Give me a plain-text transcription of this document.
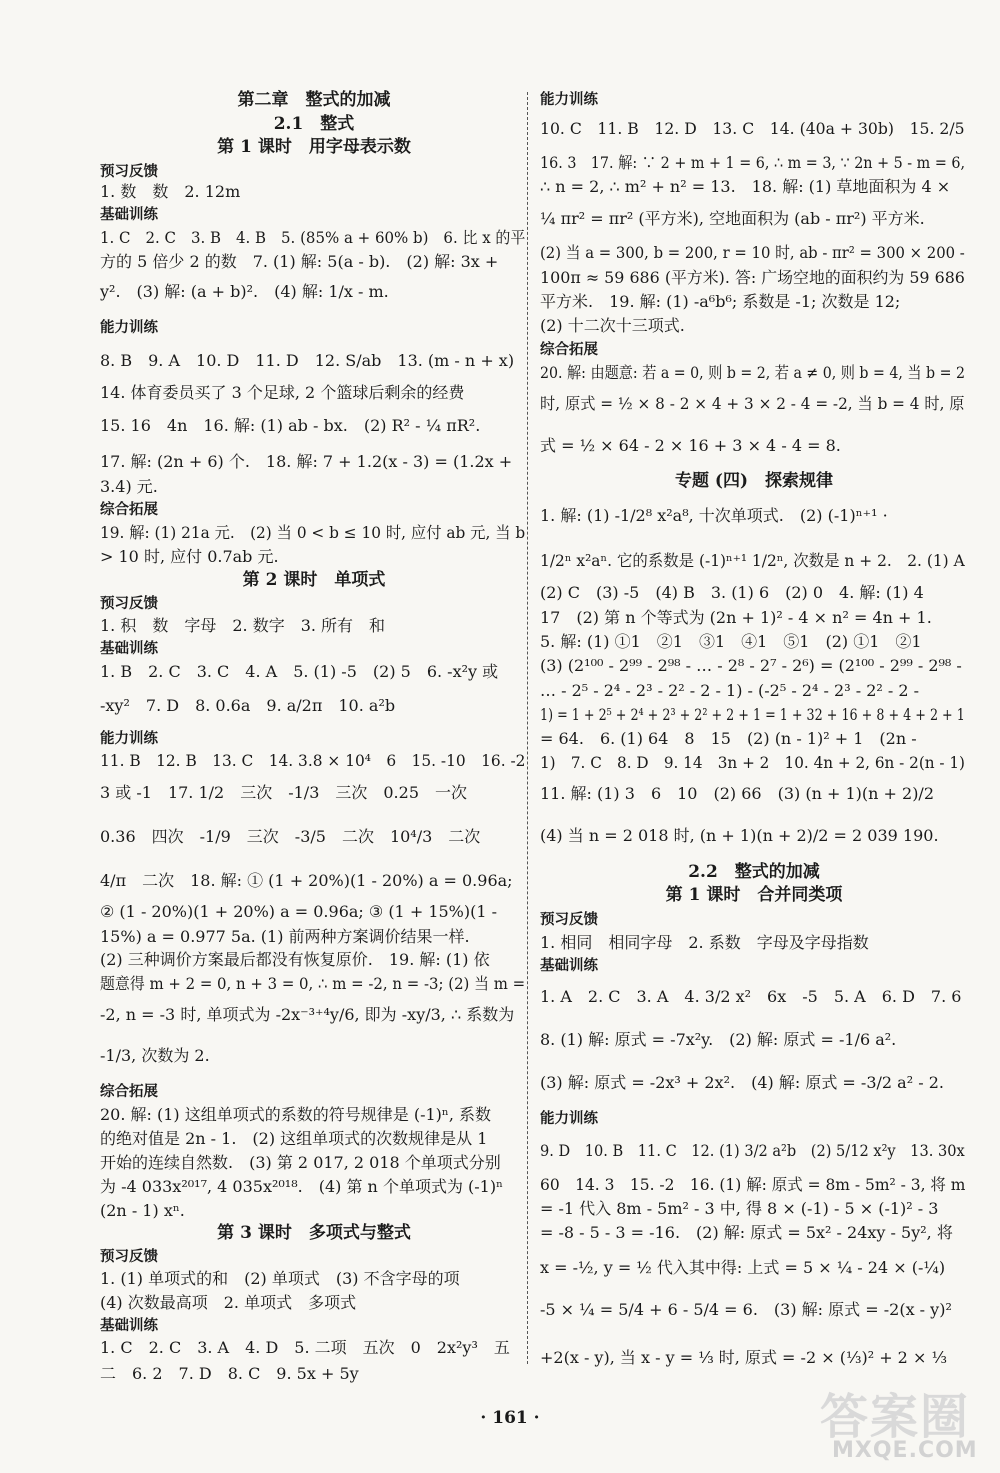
第二章　整式的加减
2.1　整式
第 1 课时　用字母表示数
预习反馈
1. 数　数　2. 12m
基础训练
1. C　2. C　3. B　4. B　5. (85% a + 60% b)　6. 比 x 的平
方的 5 倍少 2 的数　7. (1) 解: 5(a - b).　(2) 解: 3x +
y².　(3) 解: (a + b)².　(4) 解: 1/x - m.
能力训练
8. B　9. A　10. D　11. D　12. S/ab　13. (m - n + x)
14. 体育委员买了 3 个足球, 2 个篮球后剩余的经费
15. 16　4n　16. 解: (1) ab - bx.　(2) R² - ¼ πR².
17. 解: (2n + 6) 个.　18. 解: 7 + 1.2(x - 3) = (1.2x +
3.4) 元.
综合拓展
19. 解: (1) 21a 元.　(2) 当 0 < b ≤ 10 时, 应付 ab 元, 当 b
> 10 时, 应付 0.7ab 元.
第 2 课时　单项式
预习反馈
1. 积　数　字母　2. 数字　3. 所有　和
基础训练
1. B　2. C　3. C　4. A　5. (1) -5　(2) 5　6. -x²y 或
-xy²　7. D　8. 0.6a　9. a/2π　10. a²b
能力训练
11. B　12. B　13. C　14. 3.8 × 10⁴　6　15. -10　16. -2
3 或 -1　17. 1/2　三次　-1/3　三次　0.25　一次
0.36　四次　-1/9　三次　-3/5　二次　10⁴/3　二次
4/π　二次　18. 解: ① (1 + 20%)(1 - 20%) a = 0.96a;
② (1 - 20%)(1 + 20%) a = 0.96a; ③ (1 + 15%)(1 -
15%) a = 0.977 5a. (1) 前两种方案调价结果一样.
(2) 三种调价方案最后都没有恢复原价.　19. 解: (1) 依
题意得 m + 2 = 0, n + 3 = 0, ∴ m = -2, n = -3; (2) 当 m =
-2, n = -3 时, 单项式为 -2x⁻³⁺⁴y/6, 即为 -xy/3, ∴ 系数为
-1/3, 次数为 2.
综合拓展
20. 解: (1) 这组单项式的系数的符号规律是 (-1)ⁿ, 系数
的绝对值是 2n - 1.　(2) 这组单项式的次数规律是从 1
开始的连续自然数.　(3) 第 2 017, 2 018 个单项式分别
为 -4 033x²⁰¹⁷, 4 035x²⁰¹⁸.　(4) 第 n 个单项式为 (-1)ⁿ
(2n - 1) xⁿ.
第 3 课时　多项式与整式
预习反馈
1. (1) 单项式的和　(2) 单项式　(3) 不含字母的项
(4) 次数最高项　2. 单项式　多项式
基础训练
1. C　2. C　3. A　4. D　5. 二项　五次　0　2x²y³　五
二　6. 2　7. D　8. C　9. 5x + 5y
能力训练
10. C　11. B　12. D　13. C　14. (40a + 30b)　15. 2/5
16. 3　17. 解: ∵ 2 + m + 1 = 6, ∴ m = 3, ∵ 2n + 5 - m = 6,
∴ n = 2, ∴ m² + n² = 13.　18. 解: (1) 草地面积为 4 ×
¼ πr² = πr² (平方米), 空地面积为 (ab - πr²) 平方米.
(2) 当 a = 300, b = 200, r = 10 时, ab - πr² = 300 × 200 -
100π ≈ 59 686 (平方米). 答: 广场空地的面积约为 59 686
平方米.　19. 解: (1) -a⁶b⁶; 系数是 -1; 次数是 12;
(2) 十二次十三项式.
综合拓展
20. 解: 由题意: 若 a = 0, 则 b = 2, 若 a ≠ 0, 则 b = 4, 当 b = 2
时, 原式 = ½ × 8 - 2 × 4 + 3 × 2 - 4 = -2, 当 b = 4 时, 原
式 = ½ × 64 - 2 × 16 + 3 × 4 - 4 = 8.
专题 (四)　探索规律
1. 解: (1) -1/2⁸ x²a⁸, 十次单项式.　(2) (-1)ⁿ⁺¹ ·
1/2ⁿ x²aⁿ. 它的系数是 (-1)ⁿ⁺¹ 1/2ⁿ, 次数是 n + 2.　2. (1) A
(2) C　(3) -5　(4) B　3. (1) 6　(2) 0　4. 解: (1) 4
17　(2) 第 n 个等式为 (2n + 1)² - 4 × n² = 4n + 1.
5. 解: (1) ①1　②1　③1　④1　⑤1　(2) ①1　②1
(3) (2¹⁰⁰ - 2⁹⁹ - 2⁹⁸ - … - 2⁸ - 2⁷ - 2⁶) = (2¹⁰⁰ - 2⁹⁹ - 2⁹⁸ -
… - 2⁵ - 2⁴ - 2³ - 2² - 2 - 1) - (-2⁵ - 2⁴ - 2³ - 2² - 2 -
1) = 1 + 2⁵ + 2⁴ + 2³ + 2² + 2 + 1 = 1 + 32 + 16 + 8 + 4 + 2 + 1
= 64.　6. (1) 64　8　15　(2) (n - 1)² + 1　(2n -
1)　7. C　8. D　9. 14　3n + 2　10. 4n + 2, 6n - 2(n - 1)
11. 解: (1) 3　6　10　(2) 66　(3) (n + 1)(n + 2)/2
(4) 当 n = 2 018 时, (n + 1)(n + 2)/2 = 2 039 190.
2.2　整式的加减
第 1 课时　合并同类项
预习反馈
1. 相同　相同字母　2. 系数　字母及字母指数
基础训练
1. A　2. C　3. A　4. 3/2 x²　6x　-5　5. A　6. D　7. 6
8. (1) 解: 原式 = -7x²y.　(2) 解: 原式 = -1/6 a².
(3) 解: 原式 = -2x³ + 2x².　(4) 解: 原式 = -3/2 a² - 2.
能力训练
9. D　10. B　11. C　12. (1) 3/2 a²b　(2) 5/12 x²y　13. 30x
60　14. 3　15. -2　16. (1) 解: 原式 = 8m - 5m² - 3, 将 m
= -1 代入 8m - 5m² - 3 中, 得 8 × (-1) - 5 × (-1)² - 3
= -8 - 5 - 3 = -16.　(2) 解: 原式 = 5x² - 24xy - 5y², 将
x = -½, y = ½ 代入其中得: 上式 = 5 × ¼ - 24 × (-¼)
-5 × ¼ = 5/4 + 6 - 5/4 = 6.　(3) 解: 原式 = -2(x - y)²
+2(x - y), 当 x - y = ⅓ 时, 原式 = -2 × (⅓)² + 2 × ⅓
· 161 ·	答案圈
MXQE.COM
